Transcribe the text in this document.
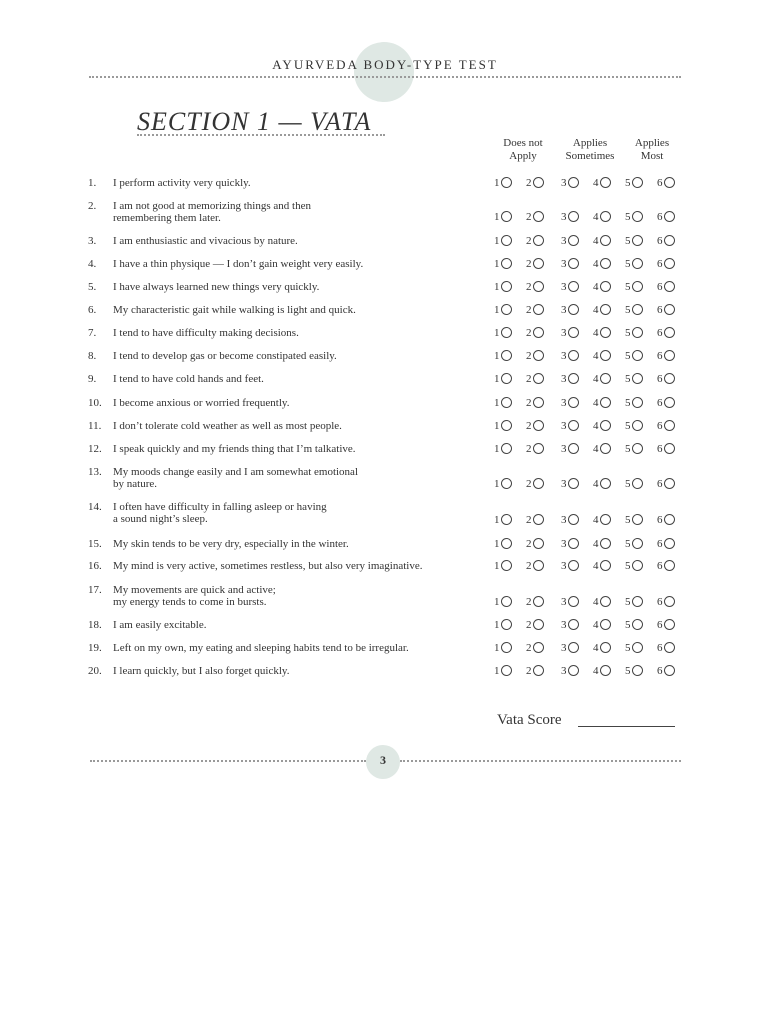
AYURVEDA BODY-TYPE TEST
SECTION 1 — VATA
Does not
Apply
Applies
Sometimes
Applies
Most
1.	I perform activity very quickly.	1 2	3 4 5 6
2.	I am not good at memorizing things and then
remembering them later.	1 2	3 4 5 6
3.	I am enthusiastic and vivacious by nature.	1 2	3 4 5 6
4.	I have a thin physique — I don’t gain weight very easily.	1 2	3 4 5 6
5.	I have always learned new things very quickly.	1 2	3 4 5 6
6.	My characteristic gait while walking is light and quick.	1 2	3 4 5 6
7.	I tend to have difficulty making decisions.	1 2	3 4 5 6
8.	I tend to develop gas or become constipated easily.	1 2	3 4 5 6
9.	I tend to have cold hands and feet.	1 2	3 4 5 6
10.	I become anxious or worried frequently.	1 2	3 4 5 6
11.	I don’t tolerate cold weather as well as most people.	1 2	3 4 5 6
12.	I speak quickly and my friends thing that I’m talkative.	1 2	3 4 5 6
13.	My moods change easily and I am somewhat emotional
by nature.	1 2	3 4 5 6
14.	I often have difficulty in falling asleep or having
a sound night’s sleep.	1 2	3 4 5 6
15.	My skin tends to be very dry, especially in the winter.	1 2	3 4 5 6
16.	My mind is very active, sometimes restless, but also very imaginative.	1 2	3 4 5 6
17.	My movements are quick and active;
my energy tends to come in bursts.	1 2	3 4 5 6
18.	I am easily excitable.	1 2	3 4 5 6
19.	Left on my own, my eating and sleeping habits tend to be irregular.	1 2	3 4 5 6
20.	I learn quickly, but I also forget quickly.	1 2	3 4 5 6
Vata Score
3
